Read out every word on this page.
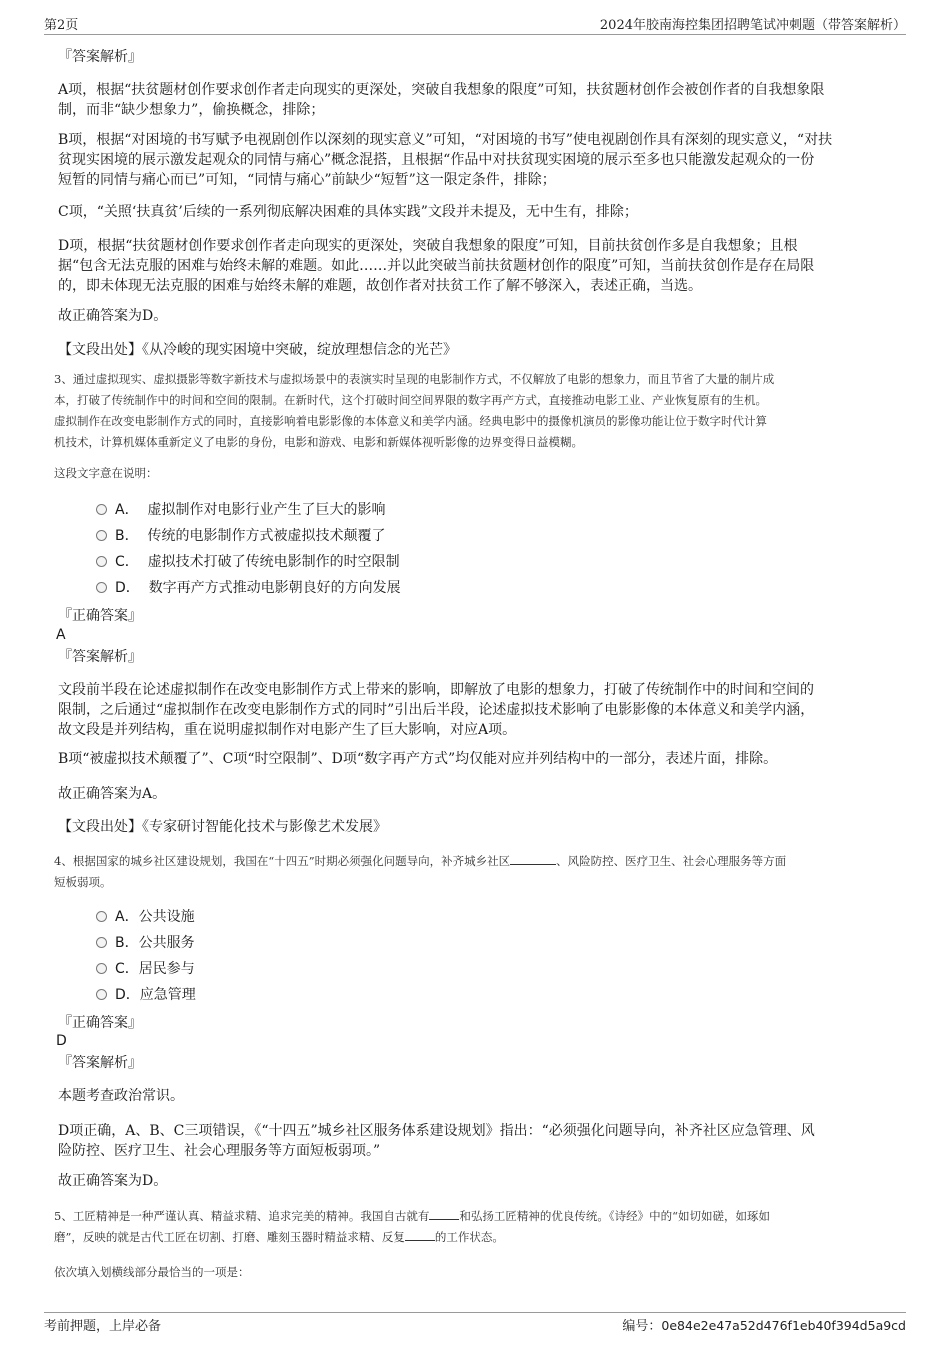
第2页	2024年胶南海控集团招聘笔试冲刺题（带答案解析）
『答案解析』
A项，根据“扶贫题材创作要求创作者走向现实的更深处，突破自我想象的限度”可知，扶贫题材创作会被创作者的自我想象限
制，而非“缺少想象力”，偷换概念，排除；
B项，根据“对困境的书写赋予电视剧创作以深刻的现实意义”可知，“对困境的书写”使电视剧创作具有深刻的现实意义，“对扶
贫现实困境的展示激发起观众的同情与痛心”概念混搭，且根据“作品中对扶贫现实困境的展示至多也只能激发起观众的一份
短暂的同情与痛心而已”可知，“同情与痛心”前缺少“短暂”这一限定条件，排除；
C项，“关照‘扶真贫’后续的一系列彻底解决困难的具体实践”文段并未提及，无中生有，排除；
D项，根据“扶贫题材创作要求创作者走向现实的更深处，突破自我想象的限度”可知，目前扶贫创作多是自我想象；且根
据“包含无法克服的困难与始终未解的难题。如此……并以此突破当前扶贫题材创作的限度”可知，当前扶贫创作是存在局限
的，即未体现无法克服的困难与始终未解的难题，故创作者对扶贫工作了解不够深入，表述正确，当选。
故正确答案为D。
【文段出处】《从冷峻的现实困境中突破，绽放理想信念的光芒》
3、通过虚拟现实、虚拟摄影等数字新技术与虚拟场景中的表演实时呈现的电影制作方式，不仅解放了电影的想象力，而且节省了大量的制片成
本，打破了传统制作中的时间和空间的限制。在新时代，这个打破时间空间界限的数字再产方式，直接推动电影工业、产业恢复原有的生机。
虚拟制作在改变电影制作方式的同时，直接影响着电影影像的本体意义和美学内涵。经典电影中的摄像机演员的影像功能让位于数字时代计算
机技术，计算机媒体重新定义了电影的身份，电影和游戏、电影和新媒体视听影像的边界变得日益模糊。
这段文字意在说明：
A． 虚拟制作对电影行业产生了巨大的影响
B． 传统的电影制作方式被虚拟技术颠覆了
C． 虚拟技术打破了传统电影制作的时空限制
D． 数字再产方式推动电影朝良好的方向发展
『正确答案』
A
『答案解析』
文段前半段在论述虚拟制作在改变电影制作方式上带来的影响，即解放了电影的想象力，打破了传统制作中的时间和空间的
限制，之后通过“虚拟制作在改变电影制作方式的同时”引出后半段，论述虚拟技术影响了电影影像的本体意义和美学内涵，
故文段是并列结构，重在说明虚拟制作对电影产生了巨大影响，对应A项。
B项“被虚拟技术颠覆了”、C项“时空限制”、D项“数字再产方式”均仅能对应并列结构中的一部分，表述片面，排除。
故正确答案为A。
【文段出处】《专家研讨智能化技术与影像艺术发展》
4、根据国家的城乡社区建设规划，我国在“十四五”时期必须强化问题导向，补齐城乡社区	、风险防控、医疗卫生、社会心理服务等方面
短板弱项。
A．公共设施
B．公共服务
C．居民参与
D．应急管理
『正确答案』
D
『答案解析』
本题考查政治常识。
D项正确，A、B、C三项错误，《“十四五”城乡社区服务体系建设规划》指出：“必须强化问题导向，补齐社区应急管理、风
险防控、医疗卫生、社会心理服务等方面短板弱项。”
故正确答案为D。
5、工匠精神是一种严谨认真、精益求精、追求完美的精神。我国自古就有	和弘扬工匠精神的优良传统。《诗经》中的“如切如磋，如琢如
磨”，反映的就是古代工匠在切割、打磨、雕刻玉器时精益求精、反复	的工作状态。
依次填入划横线部分最恰当的一项是：
考前押题，上岸必备	编号：0e84e2e47a52d476f1eb40f394d5a9cd
